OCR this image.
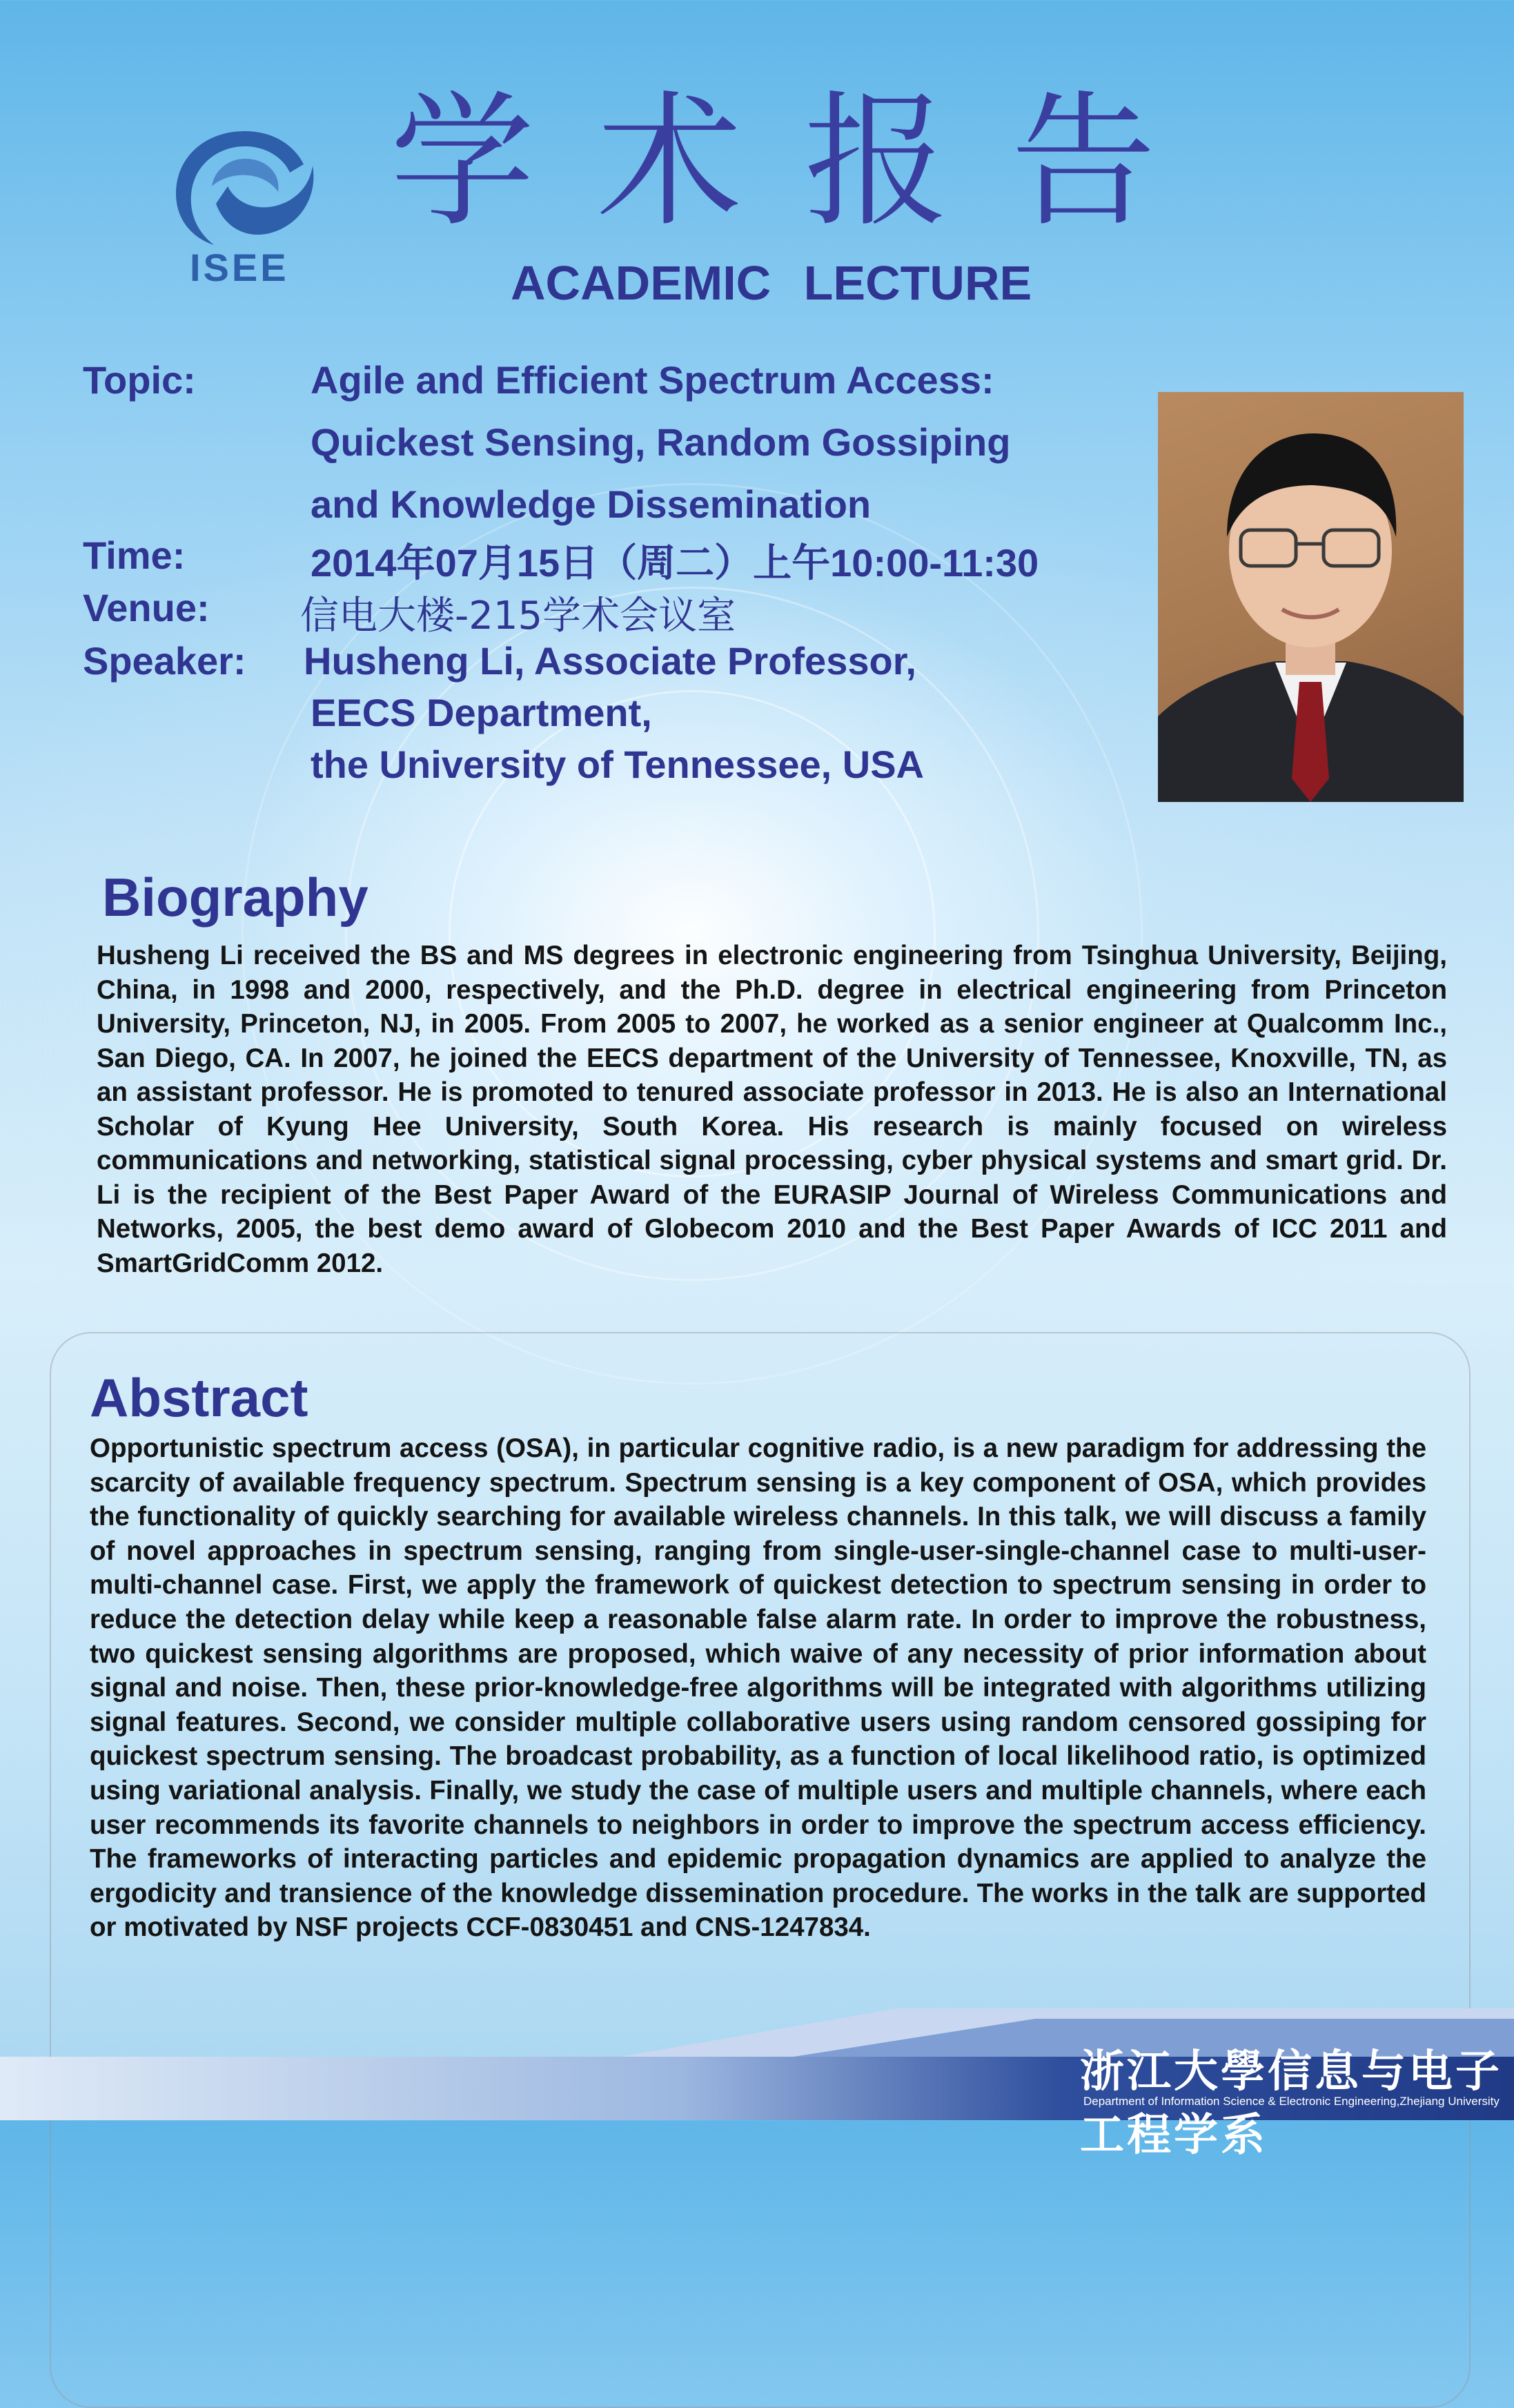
ISEE
学术报告
ACADEMIC LECTURE
Topic:	Agile and Efficient Spectrum Access:
Quickest Sensing, Random Gossiping
and Knowledge Dissemination
Time:	2014年07月15日（周二）上午10:00-11:30
Venue: 信电大楼-215学术会议室
Speaker: Husheng Li, Associate Professor,
EECS Department,
the University of Tennessee, USA
Biography
Husheng Li received the BS and MS degrees in electronic engineering from Tsinghua University, Beijing, China, in 1998 and 2000, respectively, and the Ph.D. degree in electrical engineering from Princeton University, Princeton, NJ, in 2005. From 2005 to 2007, he worked as a senior engineer at Qualcomm Inc., San Diego, CA. In 2007, he joined the EECS department of the University of Tennessee, Knoxville, TN, as an assistant professor. He is promoted to tenured associate professor in 2013. He is also an International Scholar of Kyung Hee University, South Korea. His research is mainly focused on wireless communications and networking, statistical signal processing, cyber physical systems and smart grid. Dr. Li is the recipient of the Best Paper Award of the EURASIP Journal of Wireless Communications and Networks, 2005, the best demo award of Globecom 2010 and the Best Paper Awards of ICC 2011 and SmartGridComm 2012.
Abstract
Opportunistic spectrum access (OSA), in particular cognitive radio, is a new paradigm for addressing the scarcity of available frequency spectrum. Spectrum sensing is a key component of OSA, which provides the functionality of quickly searching for available wireless channels. In this talk, we will discuss a family of novel approaches in spectrum sensing, ranging from single-user-single-channel case to multi-user-multi-channel case. First, we apply the framework of quickest detection to spectrum sensing in order to reduce the detection delay while keep a reasonable false alarm rate. In order to improve the robustness, two quickest sensing algorithms are proposed, which waive of any necessity of prior information about signal and noise. Then, these prior-knowledge-free algorithms will be integrated with algorithms utilizing signal features. Second, we consider multiple collaborative users using random censored gossiping for quickest spectrum sensing. The broadcast probability, as a function of local likelihood ratio, is optimized using variational analysis. Finally, we study the case of multiple users and multiple channels, where each user recommends its favorite channels to neighbors in order to improve the spectrum access efficiency. The frameworks of interacting particles and epidemic propagation dynamics are applied to analyze the ergodicity and transience of the knowledge dissemination procedure. The works in the talk are supported or motivated by NSF projects CCF-0830451 and CNS-1247834.
浙江大學信息与电子工程学系
Department of Information Science & Electronic Engineering,Zhejiang University
